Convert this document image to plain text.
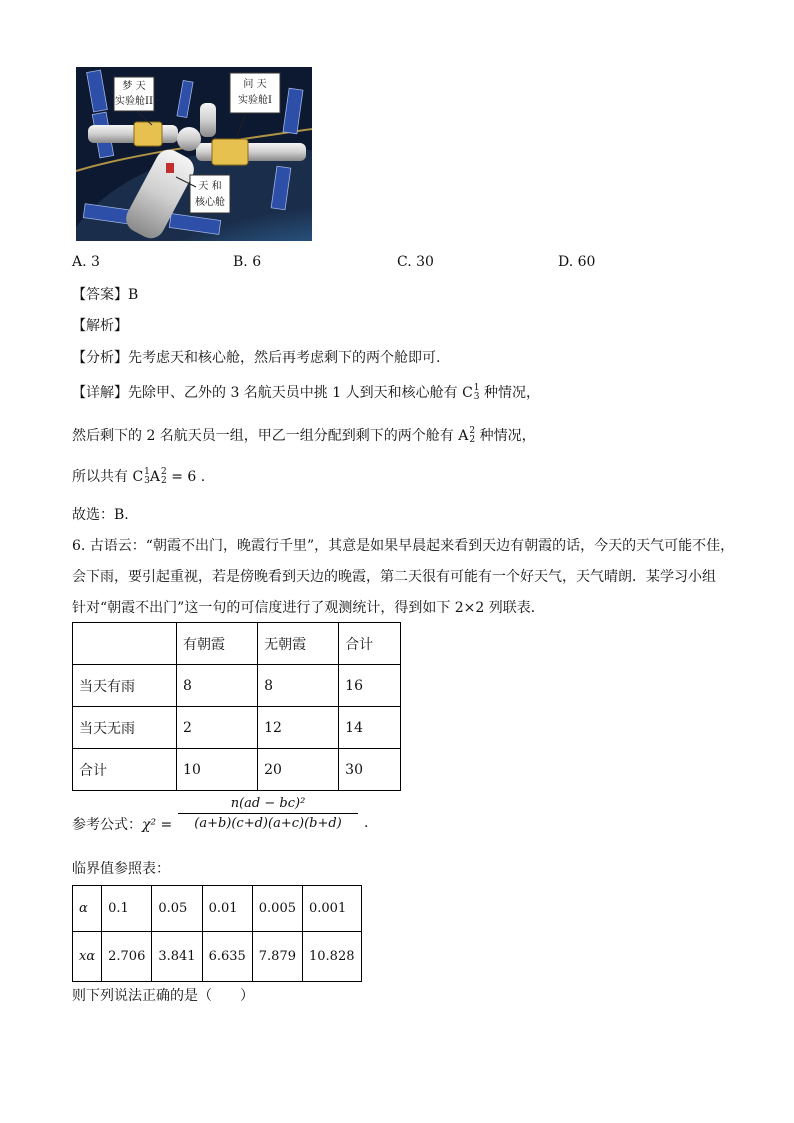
梦 天
实验舱II
问 天
实验舱I
天 和
核心舱
A. 3	B. 6	C. 30	D. 60
【答案】B
【解析】
【分析】先考虑天和核心舱，然后再考虑剩下的两个舱即可.
【详解】先除甲、乙外的 3 名航天员中挑 1 人到天和核心舱有 C 1
3 种情况，
然后剩下的 2 名航天员一组，甲乙一组分配到剩下的两个舱有 A 2
2 种情况，
所以共有 C 1
3 A 2
2 = 6 .
故选：B.
6. 古语云：“朝霞不出门，晚霞行千里”，其意是如果早晨起来看到天边有朝霞的话，今天的天气可能不佳，
会下雨，要引起重视，若是傍晚看到天边的晚霞，第二天很有可能有一个好天气，天气晴朗．某学习小组
针对“朝霞不出门”这一句的可信度进行了观测统计，得到如下 2×2 列联表．
	有朝霞	无朝霞	合计
当天有雨	8	8	16
当天无雨	2	12	14
合计	10	20	30
参考公式：$\chi^2 = \frac{\text{n(ad − bc)²}}{(a+b)(c+d)(a+c)(b+d)}$ .
临界值参照表：
α	0.1	0.05	0.01	0.005	0.001
xα	2.706	3.841	6.635	7.879	10.828
则下列说法正确的是（　　）
